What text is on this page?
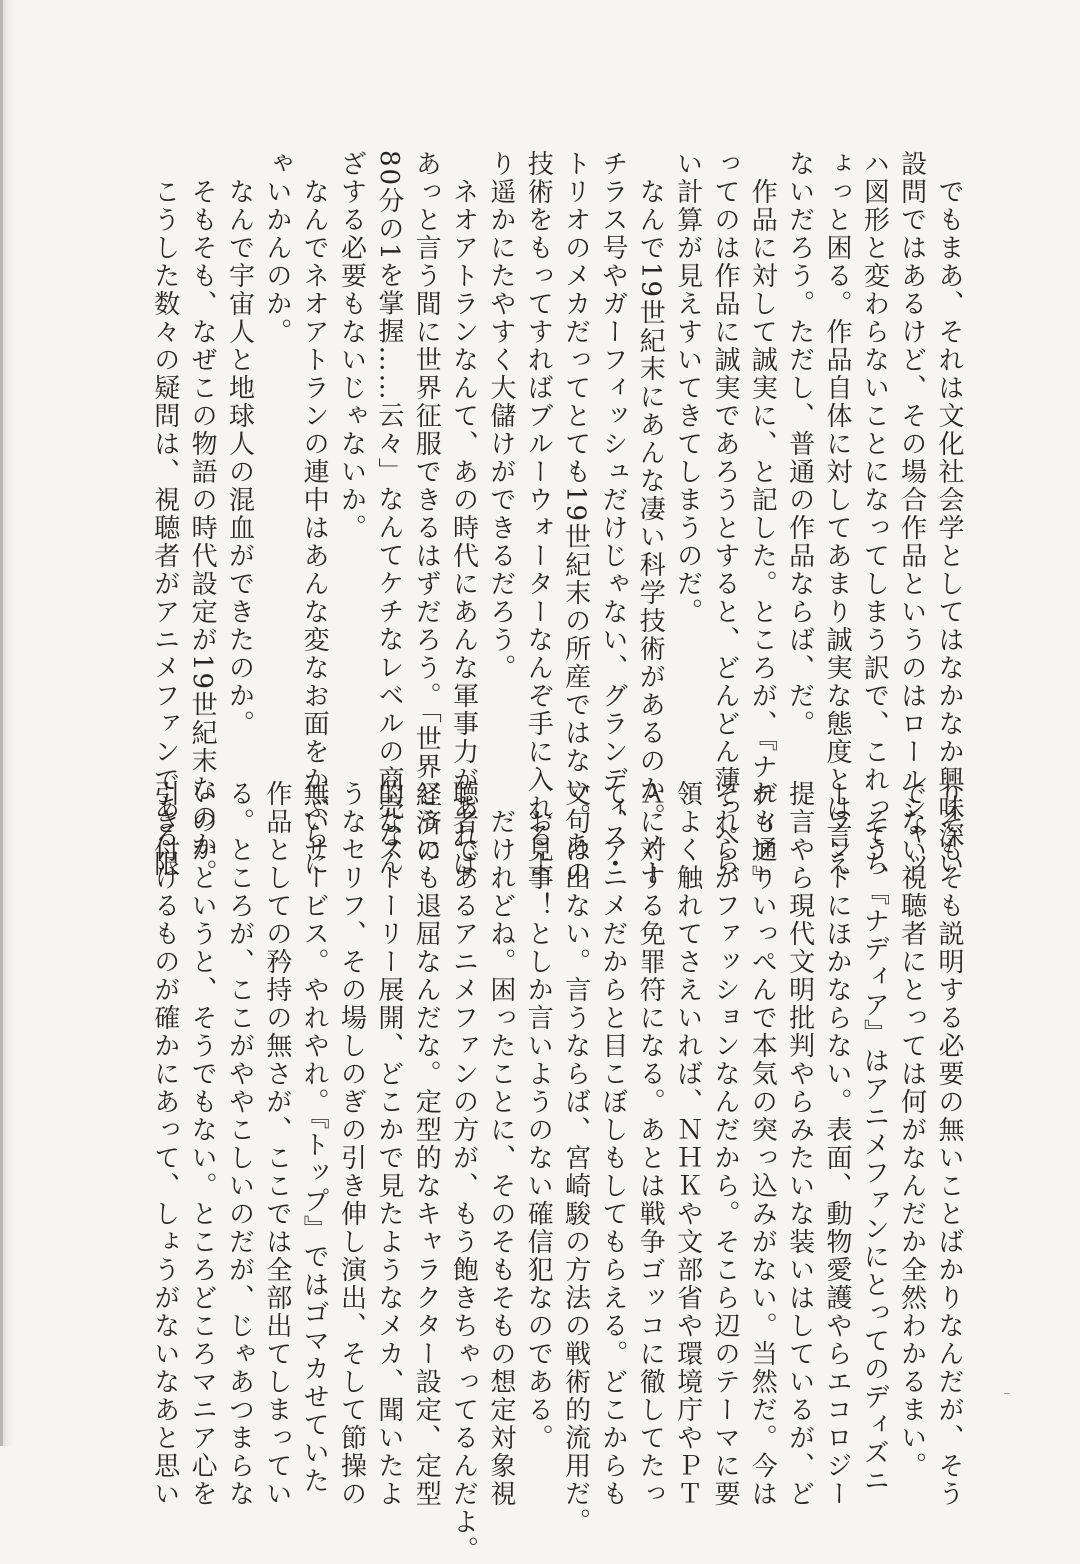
でもまあ、それは文化社会学としてはなかなか興味深い
設問ではあるけど、その場合作品というのはロールシャッ
ハ図形と変わらないことになってしまう訳で、これってち
ょっと困る。作品自体に対してあまり誠実な態度とは言え
ないだろう。ただし、普通の作品ならば、だ。
作品に対して誠実に、と記した。ところが、『ナディア』
ってのは作品に誠実であろうとすると、どんどん薄っぺら
い計算が見えすいてきてしまうのだ。
なんで19世紀末にあんな凄い科学技術があるのか。ノー
チラス号やガーフィッシュだけじゃない、グランディス・
トリオのメカだってとても19世紀末の所産ではない。あの
技術をもってすればブルーウォーターなんぞ手に入れるよ
り遥かにたやすく大儲けができるだろう。
ネオアトランなんて、あの時代にあんな軍事力があれば
あっと言う間に世界征服できるはずだろう。「世界経済の
80分の1を掌握……云々」なんてケチなレベルの商売なん
ざする必要もないじゃないか。
なんでネオアトランの連中はあんな変なお面をかぶらに
ゃいかんのか。
なんで宇宙人と地球人の混血ができたのか。
そもそも、なぜこの物語の時代設定が19世紀末なのか。
こうした数々の疑問は、視聴者がアニメファンである限
りそもそも説明する必要の無いことばかりなんだが、そう
でない視聴者にとっては何がなんだか全然わかるまい。
そう、『ナディア』はアニメファンにとってのディズニ
ーランドにほかならない。表面、動物愛護やらエコロジー
提言やら現代文明批判やらみたいな装いはしているが、ど
れも通りいっぺんで本気の突っ込みがない。当然だ。今は
それらがファッションなんだから。そこら辺のテーマに要
領よく触れてさえいれば、ＮＨＫや文部省や環境庁やＰＴ
Ａに対する免罪符になる。あとは戦争ゴッコに徹してたっ
て、アニメだからと目こぼしもしてもらえる。どこからも
文句は出ない。言うならば、宮崎駿の方法の戦術的流用だ。
お見事！としか言いようのない確信犯なのである。
だけれどね。困ったことに、そのそもそもの想定対象視
聴者であるアニメファンの方が、もう飽きちゃってるんだよ。
どうにも退屈なんだな。定型的なキャラクター設定、定型
的なストーリー展開、どこかで見たようなメカ、聞いたよ
うなセリフ、その場しのぎの引き伸し演出、そして節操の
無いサービス。やれやれ。『トップ』ではゴマカせていた
作品としての矜持の無さが、ここでは全部出てしまってい
る。ところが、ここがややこしいのだが、じゃあつまらな
いのかというと、そうでもない。ところどころマニア心を
引き付けるものが確かにあって、しょうがないなあと思い
